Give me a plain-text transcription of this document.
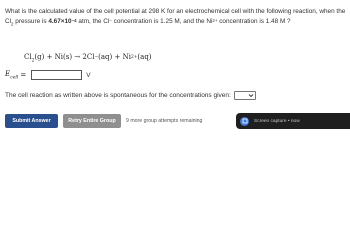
What is the calculated value of the cell potential at 298 K for an electrochemical cell with the following reaction, when the $Cl_2$ pressure is $4.67\times 10^{-4}$ atm, the Cl− concentration is 1.25 M, and the $Ni^{2+}$ concentration is 1.48 M ?
$Cl_2(g) + Ni(s) \to 2Cl^-(aq) + Ni^{2+}(aq)$
$E_{cell}$ =	V
The cell reaction as written above is spontaneous for the concentrations given:
Submit Answer	Retry Entire Group	9 more group attempts remaining	Screen capture • now
